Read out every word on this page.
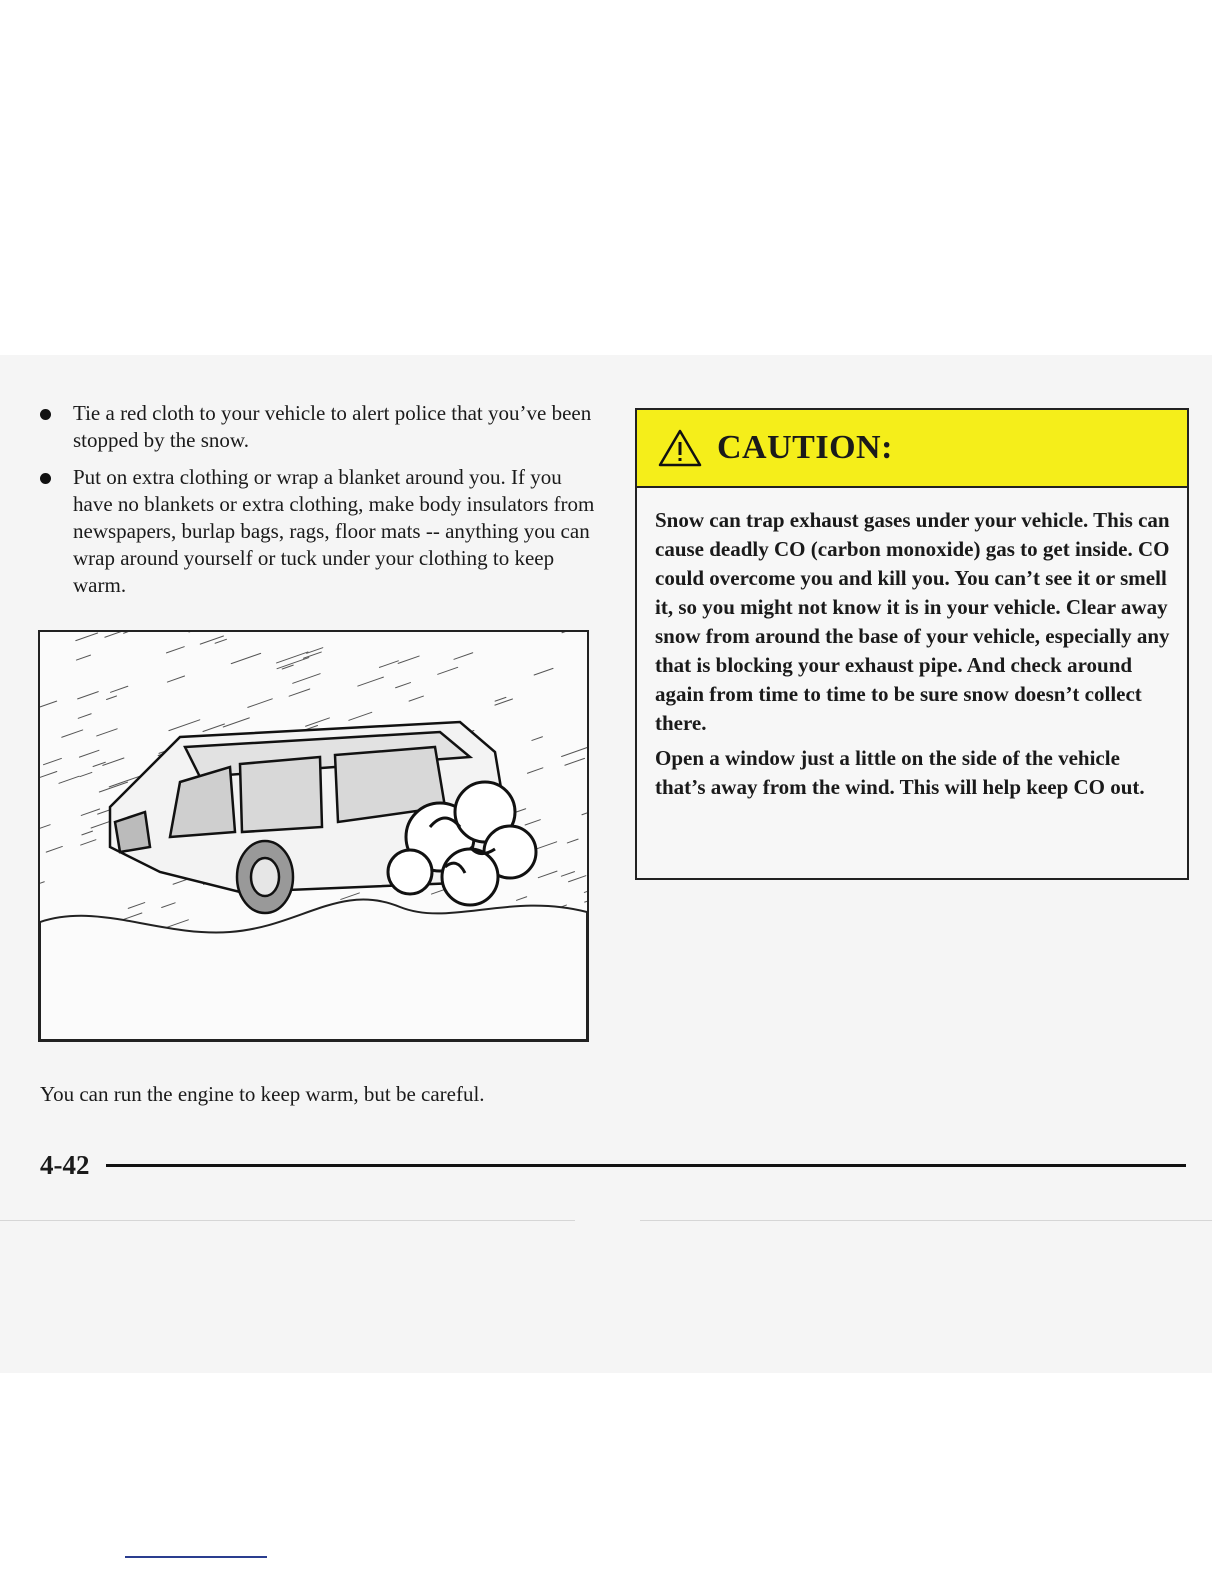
Tie a red cloth to your vehicle to alert police that you’ve been stopped by the snow.
Put on extra clothing or wrap a blanket around you. If you have no blankets or extra clothing, make body insulators from newspapers, burlap bags, rags, floor mats -- anything you can wrap around yourself or tuck under your clothing to keep warm.
You can run the engine to keep warm, but be careful.
4-42
CAUTION:

Snow can trap exhaust gases under your vehicle. This can cause deadly CO (carbon monoxide) gas to get inside. CO could overcome you and kill you. You can’t see it or smell it, so you might not know it is in your vehicle. Clear away snow from around the base of your vehicle, especially any that is blocking your exhaust pipe. And check around again from time to time to be sure snow doesn’t collect there.

Open a window just a little on the side of the vehicle that’s away from the wind. This will help keep CO out.
